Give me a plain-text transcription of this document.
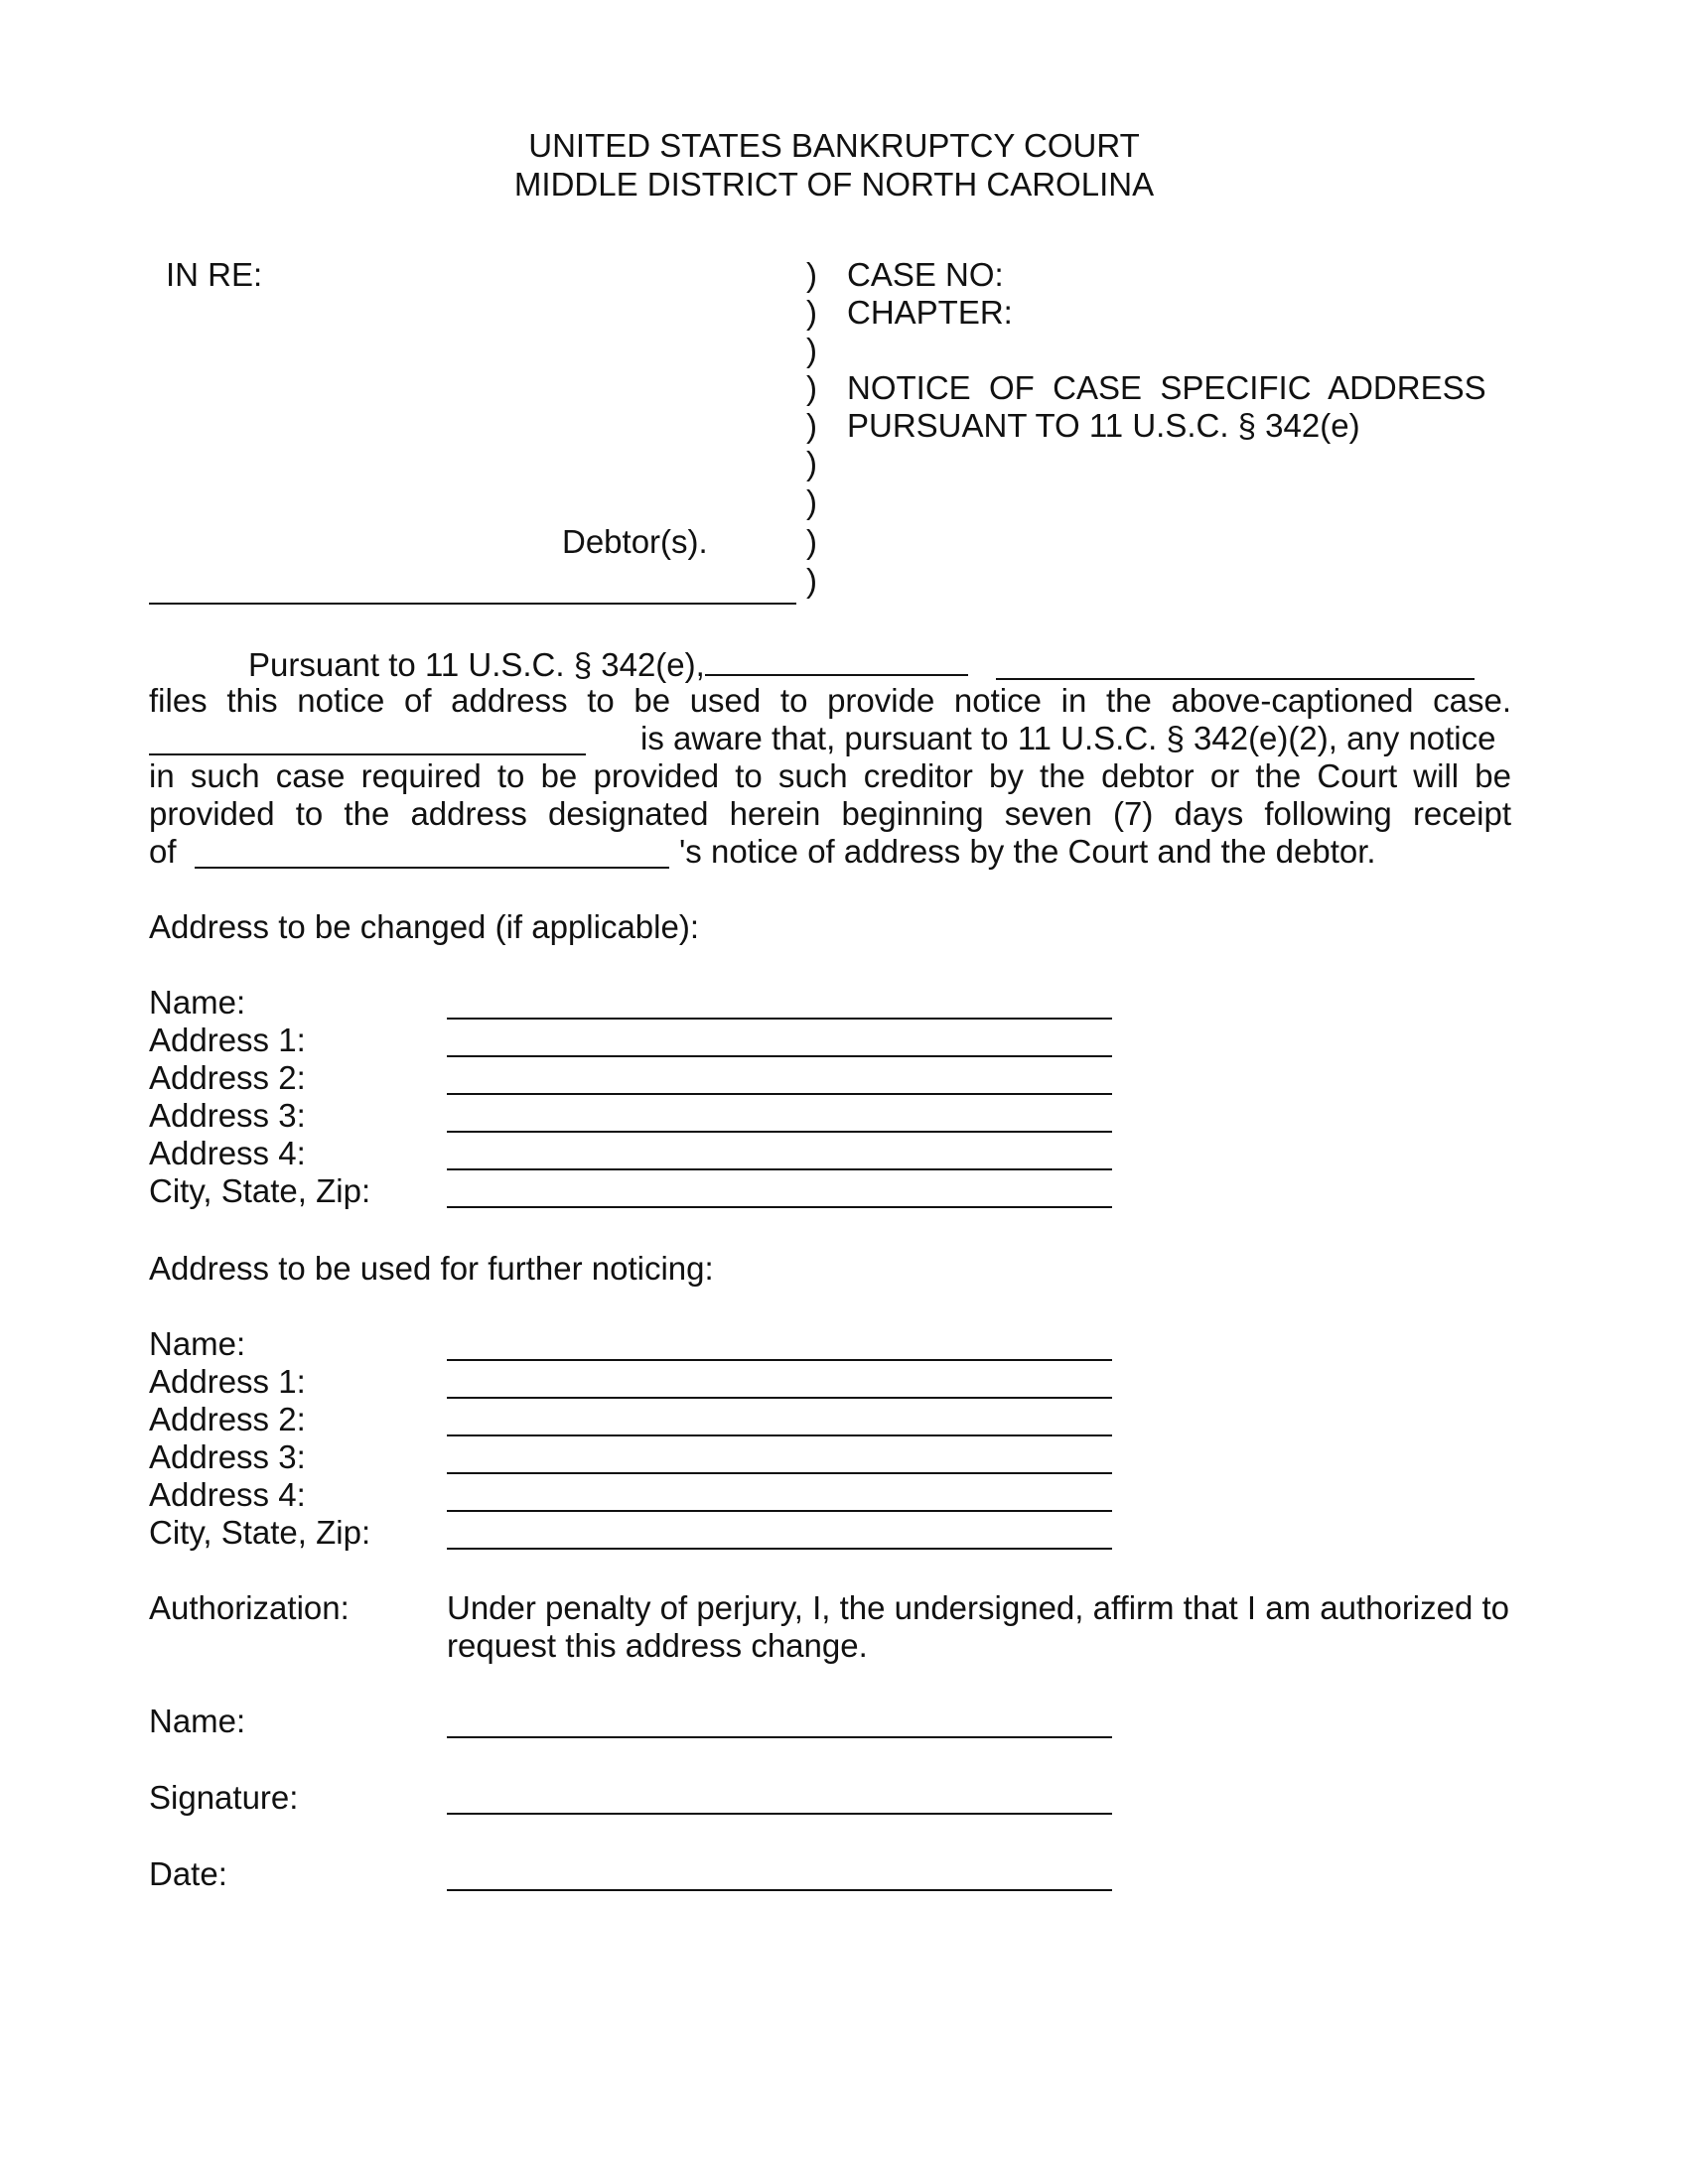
UNITED STATES BANKRUPTCY COURT
MIDDLE DISTRICT OF NORTH CAROLINA
IN RE:
Debtor(s).
)
)
)
)
)
)
)
)
)
CASE NO:
CHAPTER:
NOTICE  OF  CASE  SPECIFIC  ADDRESS
PURSUANT TO 11 U.S.C. § 342(e)
Pursuant to 11 U.S.C. § 342(e),
files this notice of address to be used to provide notice in the above-captioned case.
is aware that, pursuant to 11 U.S.C. § 342(e)(2), any notice
in such case required to be provided to such creditor by the debtor or the Court will be
provided to the address designated herein beginning seven (7) days following receipt
of	's notice of address by the Court and the debtor.
Address to be changed (if applicable):
Name:
Address 1:
Address 2:
Address 3:
Address 4:
City, State, Zip:
Address to be used for further noticing:
Name:
Address 1:
Address 2:
Address 3:
Address 4:
City, State, Zip:
Authorization:	Under penalty of perjury, I, the undersigned, affirm that I am authorized to
request this address change.
Name:
Signature:
Date:
